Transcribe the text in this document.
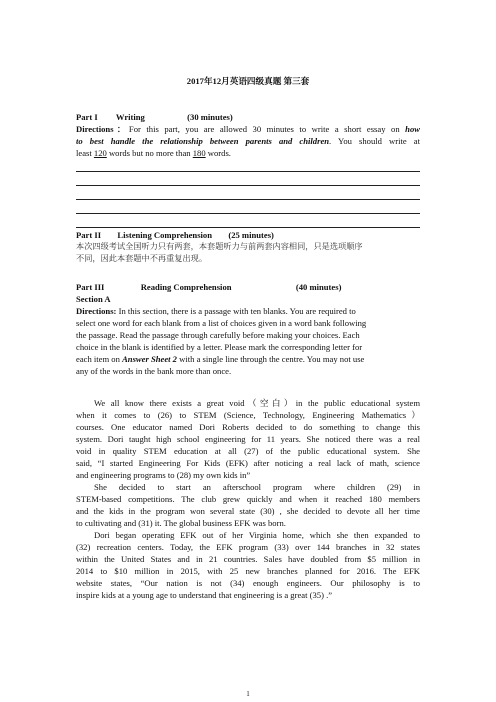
2017年12月英语四级真题 第三套
Part I Writing	(30 minutes)
Directions：For this part, you are allowed 30 minutes to write a short essay on how
to best handle the relationship between parents and children. You should write at
least 120 words but no more than 180 words.
Part II Listening Comprehension (25 minutes)
本次四级考试全国听力只有两套，本套题听力与前两套内容相同，只是选项顺序
不同，因此本套题中不再重复出现。
Part III	Reading Comprehension	(40 minutes)
Section A
Directions: In this section, there is a passage with ten blanks. You are required to
select one word for each blank from a list of choices given in a word bank following
the passage. Read the passage through carefully before making your choices. Each
choice in the blank is identified by a letter. Please mark the corresponding letter for
each item on Answer Sheet 2 with a single line through the centre. You may not use
any of the words in the bank more than once.
We all know there exists a great void（空白）in the public educational system
when it comes to (26) to STEM (Science, Technology, Engineering Mathematics）
courses. One educator named Dori Roberts decided to do something to change this
system. Dori taught high school engineering for 11 years. She noticed there was a real
void in quality STEM education at all (27) of the public educational system. She
said, “I started Engineering For Kids (EFK) after noticing a real lack of math, science
and engineering programs to (28) my own kids in”
She decided to start an afterschool program where children (29) in
STEM-based competitions. The club grew quickly and when it reached 180 members
and the kids in the program won several state (30) , she decided to devote all her time
to cultivating and (31) it. The global business EFK was born.
Dori began operating EFK out of her Virginia home, which she then expanded to
(32) recreation centers. Today, the EFK program (33) over 144 branches in 32 states
within the United States and in 21 countries. Sales have doubled from $5 million in
2014 to $10 million in 2015, with 25 new branches planned for 2016. The EFK
website states, “Our nation is not (34) enough engineers. Our philosophy is to
inspire kids at a young age to understand that engineering is a great (35) .”
1
